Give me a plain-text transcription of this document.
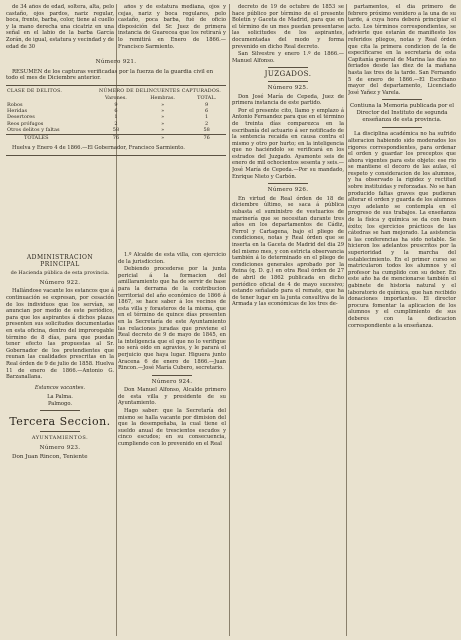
de 34 años de edad, soltera, alta, pelo castaño, ojos pardos, nariz regular, boca, frente, barba, color, tiene al cuello y la mano derecha una cicatriz en una señal en el labio de la barba García Zorán, de igual, estatura y vecindad y de edad de 30

años y de estatura mediana, ojos y cejas, nariz y boca regulares, pelo castaño, poca barba, fué de oficio disposición del Sr. Juez de primera instancia de Guarecea que los retirará y lo remitirá en Enero de 1866.—Francisco Sarmiento.

Número 921.
RESUMEN de los capturas verificadas por la fuerza de la guardia civil en todo el mes de Diciembre anterior.
CLASE DE DELITOS.	NÚMERO DE DELINCUENTES CAPTURADOS.		
	Varones.	Hembras.	TOTAL.
Robos	9	»	9
Heridas	6	»	6
Desertores	1	»	1
Reos prófugos	2	»	2
Otros delitos y faltas	58	»	58
TOTALES	76	»	76

Huelva y Enero 4 de 1866.—El Gobernador, Francisco Sarmiento.

ADMINISTRACION PRINCIPAL
de Hacienda pública de esta provincia.
Número 922.

Hallándose vacante los estancos que á continuación se expresan, por cesación de los individuos que los servían, se anuncian por medio de este periódico, para que los aspirantes á dichos plazas presenten sus solicitudes documentadas en esta oficina, dentro del improrogable término de 8 días, para que puedan tener efecto las propuestas al Sr. Gobernador de los pretendientes que reunan las cualidades prescritas en la Real órden de 9 de julio de 1858. Huelva 11 de enero de 1866.—Antonio G. Barzanallana.

Estancos vacantes.
La Palma.
Palmogo.
Tercera Seccion.
AYUNTAMIENTOS.
Número 923.

Don Juan Rincon, Teniente

1.º Alcalde de esta villa, con ejercicio de la jurisdiccion.

Debiendo procederse por la junta pericial á la formacion del amillaramiento que ha de servir de base para la derrama de la contribucion territorial del año económico de 1866 á 1867, se hace saber á los vecinos de esta villa y forasteros de la misma, que en el término de quince días presenten en la Secretaría de este Ayuntamiento las relaciones juradas que previene el Real decreto de 9 de mayo de 1845, en la inteligencia que el que no lo verifique no será oido en agravios, y le parará el perjuicio que haya lugar. Higuera junto Aracena 6 de enero de 1866.—Juan Rincon.—José María Cubero, secretario.

Número 924.

Don Manuel Alfonso, Alcalde primero de esta villa y presidente de su Ayuntamiento.

Hago saber: que la Secretaría del mismo se halla vacante por dimision del que la desempeñaba, la cual tiene el sueldo anual de trescientos escudos y cinco escudos; en su consecuencia, cumpliendo con lo prevenido en el Real

decreto de 19 de octubre de 1853 se hace público por término de el presente Boletín y Gaceta de Madrid, para que en el término de un mes puedan presentarse las solicitudes de los aspirantes, documentadas del modo y forma prevenido en dicho Real decreto.

San Silvestre y enero 1.º de 1866.—Manuel Alfonso.

JUZGADOS.
Número 925.

Don José María de Cepeda, Juez de primera instancia de este partido.

Por el presente cito, llamo y emplazo á Antonio Fernandez para que en el término de treinta días comparezca en la escribanía del actuario á ser notificado de la sentencia recaida en causa contra el mismo y otro por hurto; en la inteligencia que no haciéndolo se verificará en los estrados del Juzgado. Ayamonte seis de enero de mil ochocientos sesenta y seis.—José María de Cepeda.—Por su mandado, Enrique Nieto y Carbón.

Número 926.

En virtud de Real órden de 18 de diciembre último, se saca á pública subasta el suministro de vestuarios de marinería que se necesitan durante tres años en los departamentos de Cádiz, Ferrol y Cartagena, bajo el pliego de condiciones, notas y Real órden que se inserta en la Gaceta de Madrid del dia 29 del mismo mes, y con estricta observancia también á lo determinado en el pliego de condiciones generales aprobado por la Reina (q. D. g.) en otra Real órden de 27 de abril de 1862 publicada en dicho periódico oficial de 4 de mayo sucesivo; estando señalado para el remate, que ha de tener lugar en la junta consultiva de la Armada y las económicas de los tres de-

partamentos, el día primero de febrero próximo venidero a la una de su tarde, á cuya hora deberá principiar el acto. Los términos correspondientes, se advierte que estarán de manifiesto los referidos pliegos, notas y Real órden que cita la primera condicion de la de especificarse en la secretaría de esta Capitanía general de Marina las días no feriados desde las diez de la mañana hasta las tres de la tarde. San Fernando 5 de enero de 1866.—El Escribano mayor del departamento, Licenciado José Yañez y Varela.

Contiuna la Memoria publicada por el Director del Instituto de segunda enseñanza de esta provincia.

La disciplina académica no ha sufrido alteracion habiendo sido moderados los rigores correspondientes, para ordenar el orden y guardar los preceptos que ahora vigentes para este objeto: ese rio se mantiene el decoro de las aulas, el respeto y consideracion de los alumnos, y ha observado la rigidez y rectitud sobre instituidas y reforzadas. No se han producido faltas graves que pudieran alterar el orden y guarda de los alumnos cuyo adelanto se contempla en el progreso de sus trabajos. La enseñanza de la física y química se da con buen éxito; los ejercicios prácticos de las cátedras se han mejorado. La asistencia a las conferencias ha sido notable. Se hicieron los adelantos prescritos por la superioridad y la marcha del establecimiento. En el primer curso se matricularon todos los alumnos y el profesor ha cumplido con su deber. En este año ha de mencionarse también el gabinete de historia natural y el laboratorio de química, que han recibido donaciones importantes. El director procura fomentar la aplicacion de los alumnos y el cumplimiento de sus deberes con la dedicacion correspondiente a la enseñanza.
